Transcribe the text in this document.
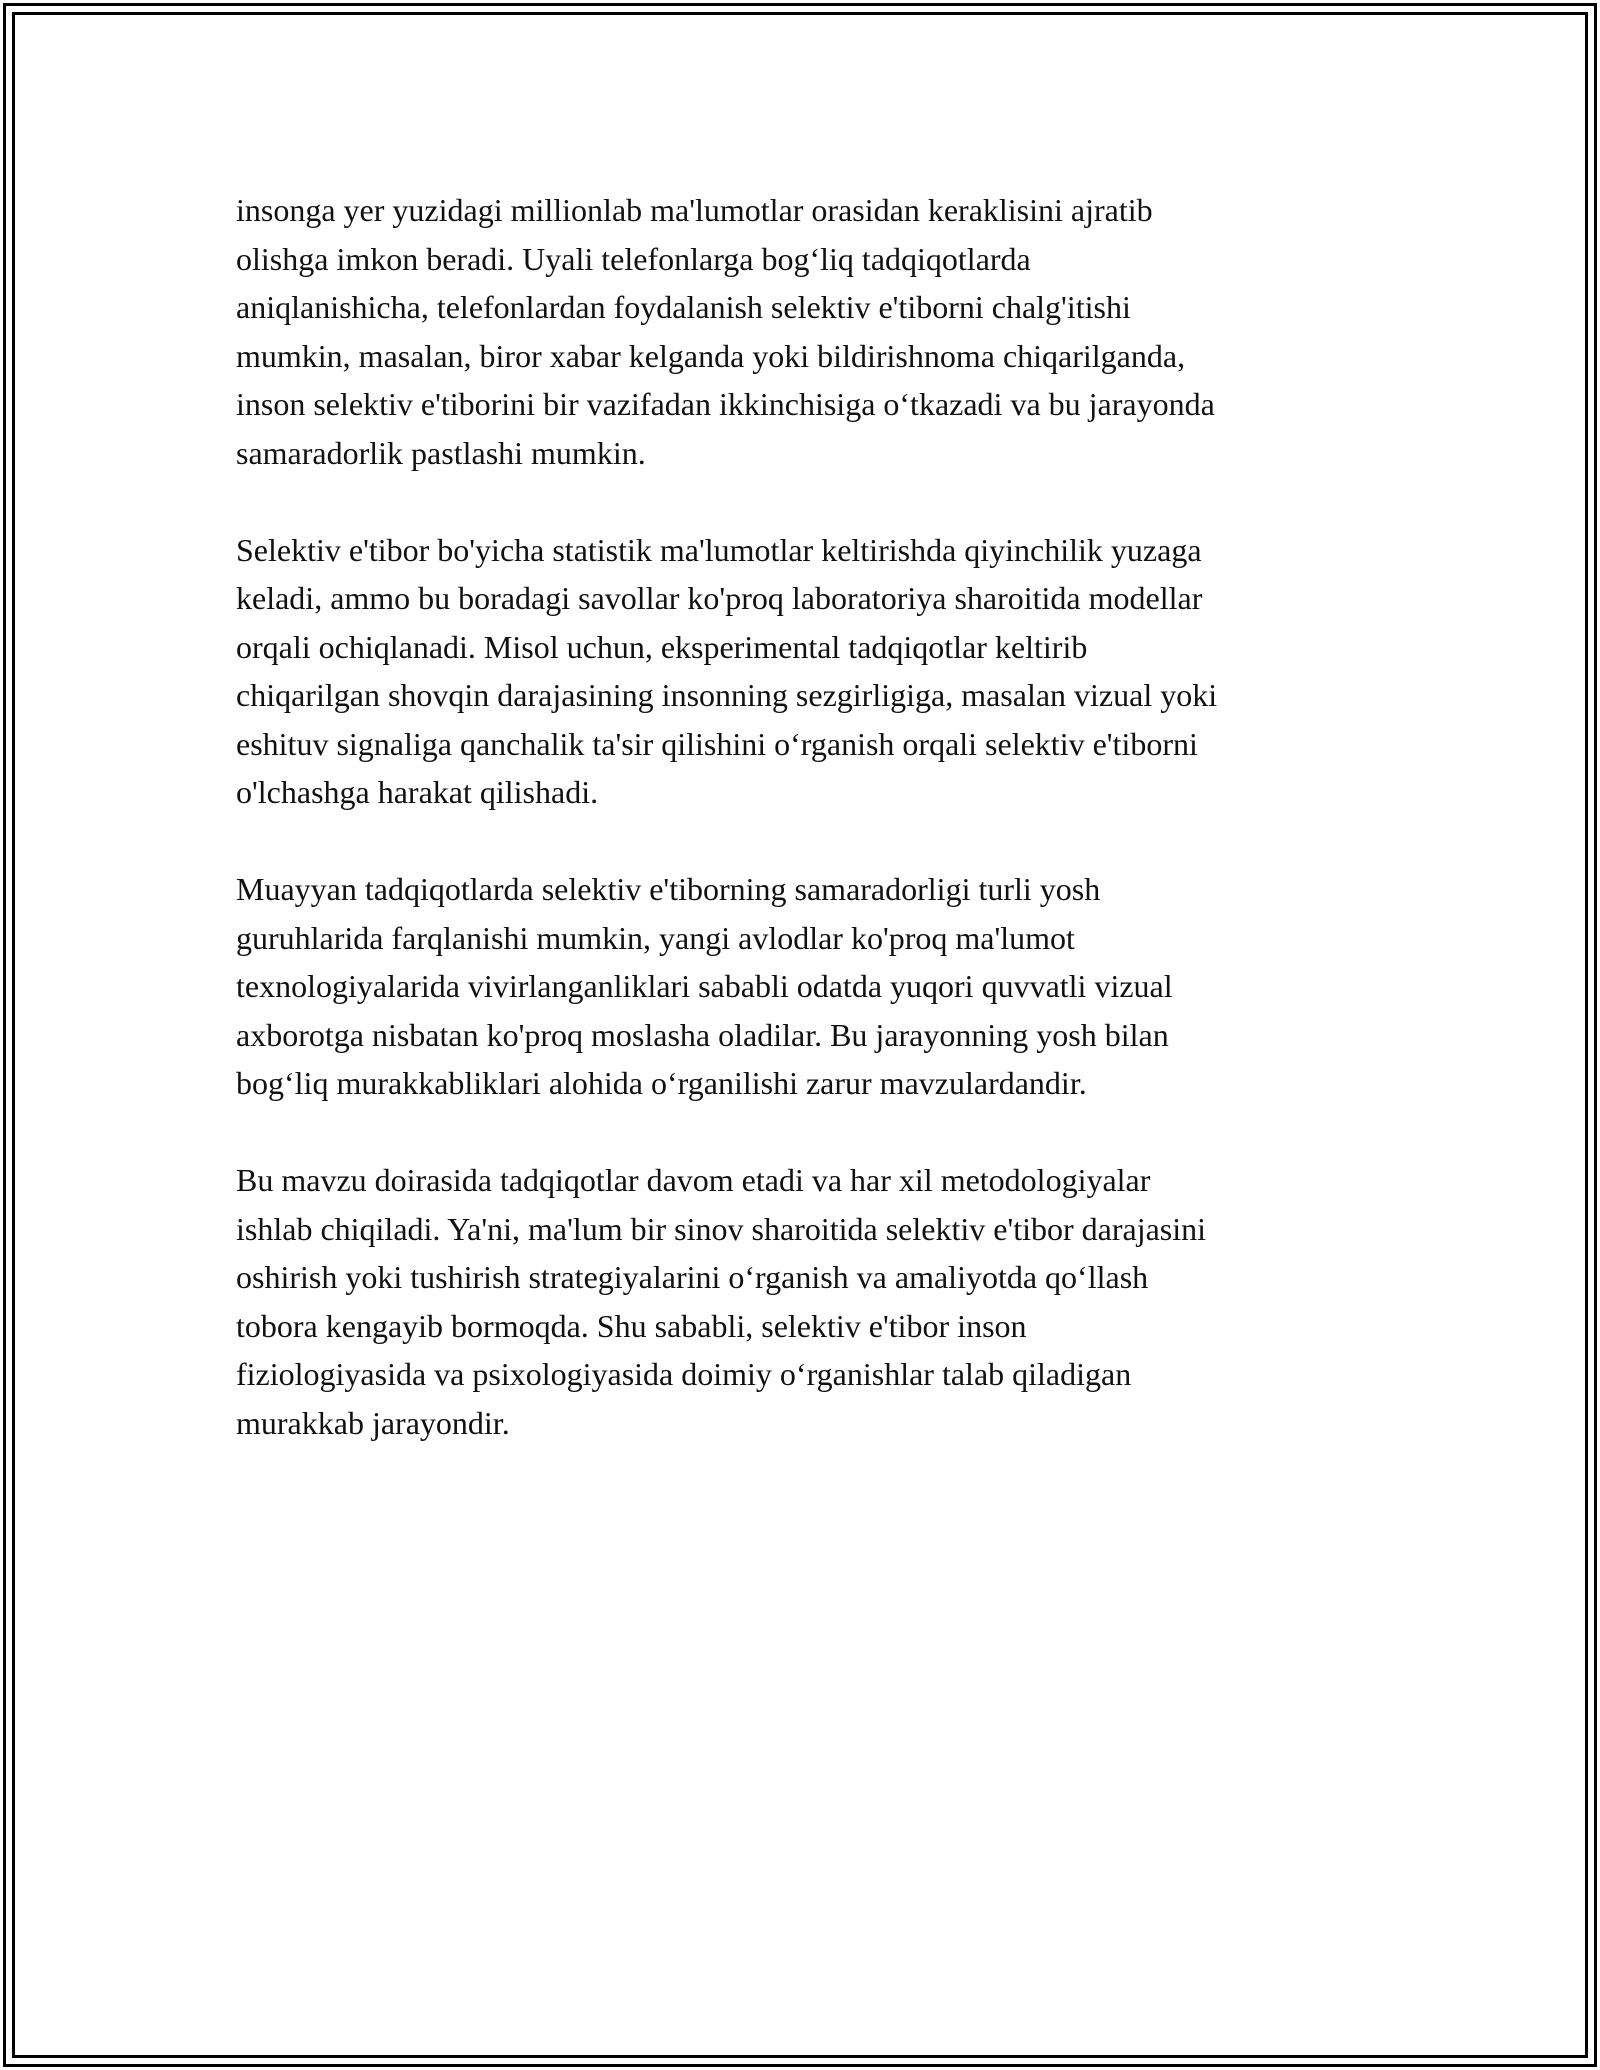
insonga yer yuzidagi millionlab ma'lumotlar orasidan keraklisini ajratib
olishga imkon beradi. Uyali telefonlarga bog‘liq tadqiqotlarda
aniqlanishicha, telefonlardan foydalanish selektiv e'tiborni chalg'itishi
mumkin, masalan, biror xabar kelganda yoki bildirishnoma chiqarilganda,
inson selektiv e'tiborini bir vazifadan ikkinchisiga o‘tkazadi va bu jarayonda
samaradorlik pastlashi mumkin.

Selektiv e'tibor bo'yicha statistik ma'lumotlar keltirishda qiyinchilik yuzaga
keladi, ammo bu boradagi savollar ko'proq laboratoriya sharoitida modellar
orqali ochiqlanadi. Misol uchun, eksperimental tadqiqotlar keltirib
chiqarilgan shovqin darajasining insonning sezgirligiga, masalan vizual yoki
eshituv signaliga qanchalik ta'sir qilishini o‘rganish orqali selektiv e'tiborni
o'lchashga harakat qilishadi.

Muayyan tadqiqotlarda selektiv e'tiborning samaradorligi turli yosh
guruhlarida farqlanishi mumkin, yangi avlodlar ko'proq ma'lumot
texnologiyalarida vivirlanganliklari sababli odatda yuqori quvvatli vizual
axborotga nisbatan ko'proq moslasha oladilar. Bu jarayonning yosh bilan
bog‘liq murakkabliklari alohida o‘rganilishi zarur mavzulardandir.

Bu mavzu doirasida tadqiqotlar davom etadi va har xil metodologiyalar
ishlab chiqiladi. Ya'ni, ma'lum bir sinov sharoitida selektiv e'tibor darajasini
oshirish yoki tushirish strategiyalarini o‘rganish va amaliyotda qo‘llash
tobora kengayib bormoqda. Shu sababli, selektiv e'tibor inson
fiziologiyasida va psixologiyasida doimiy o‘rganishlar talab qiladigan
murakkab jarayondir.
